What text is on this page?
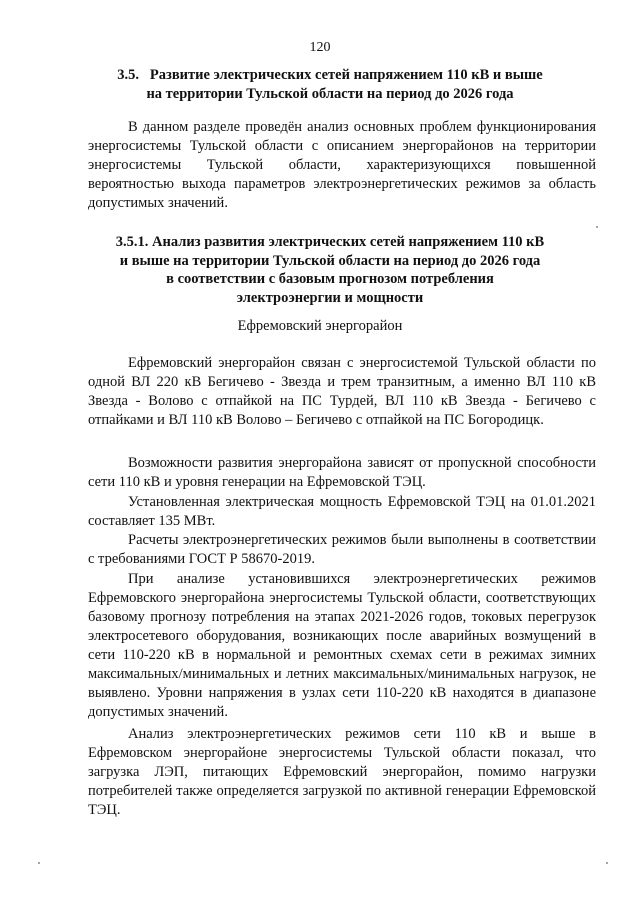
120
3.5.   Развитие электрических сетей напряжением 110 кВ и выше
на территории Тульской области на период до 2026 года

В данном разделе проведён анализ основных проблем функционирования энергосистемы Тульской области с описанием энергорайонов на территории энергосистемы Тульской области, характеризующихся повышенной вероятностью выхода параметров электроэнергетических режимов за область допустимых значений.

3.5.1. Анализ развития электрических сетей напряжением 110 кВ
и выше на территории Тульской области на период до 2026 года
в соответствии с базовым прогнозом потребления
электроэнергии и мощности
Ефремовский энергорайон

Ефремовский энергорайон связан с энергосистемой Тульской области по одной ВЛ 220 кВ Бегичево - Звезда и трем транзитным, а именно ВЛ 110 кВ Звезда - Волово с отпайкой на ПС Турдей, ВЛ 110 кВ Звезда - Бегичево с отпайками и ВЛ 110 кВ Волово – Бегичево с отпайкой на ПС Богородицк.

Возможности развития энергорайона зависят от пропускной способности сети 110 кВ и уровня генерации на Ефремовской ТЭЦ.

Установленная электрическая мощность Ефремовской ТЭЦ на 01.01.2021 составляет 135 МВт.

Расчеты электроэнергетических режимов были выполнены в соответствии с требованиями ГОСТ Р 58670-2019.

При анализе установившихся электроэнергетических режимов Ефремовского энергорайона энергосистемы Тульской области, соответствующих базовому прогнозу потребления на этапах 2021-2026 годов, токовых перегрузок электросетевого оборудования, возникающих после аварийных возмущений в сети 110-220 кВ в нормальной и ремонтных схемах сети в режимах зимних максимальных/минимальных и летних максимальных/минимальных нагрузок, не выявлено. Уровни напряжения в узлах сети 110-220 кВ находятся в диапазоне допустимых значений.

Анализ электроэнергетических режимов сети 110 кВ и выше в Ефремовском энергорайоне энергосистемы Тульской области показал, что загрузка ЛЭП, питающих Ефремовский энергорайон, помимо нагрузки потребителей также определяется загрузкой по активной генерации Ефремовской ТЭЦ.
